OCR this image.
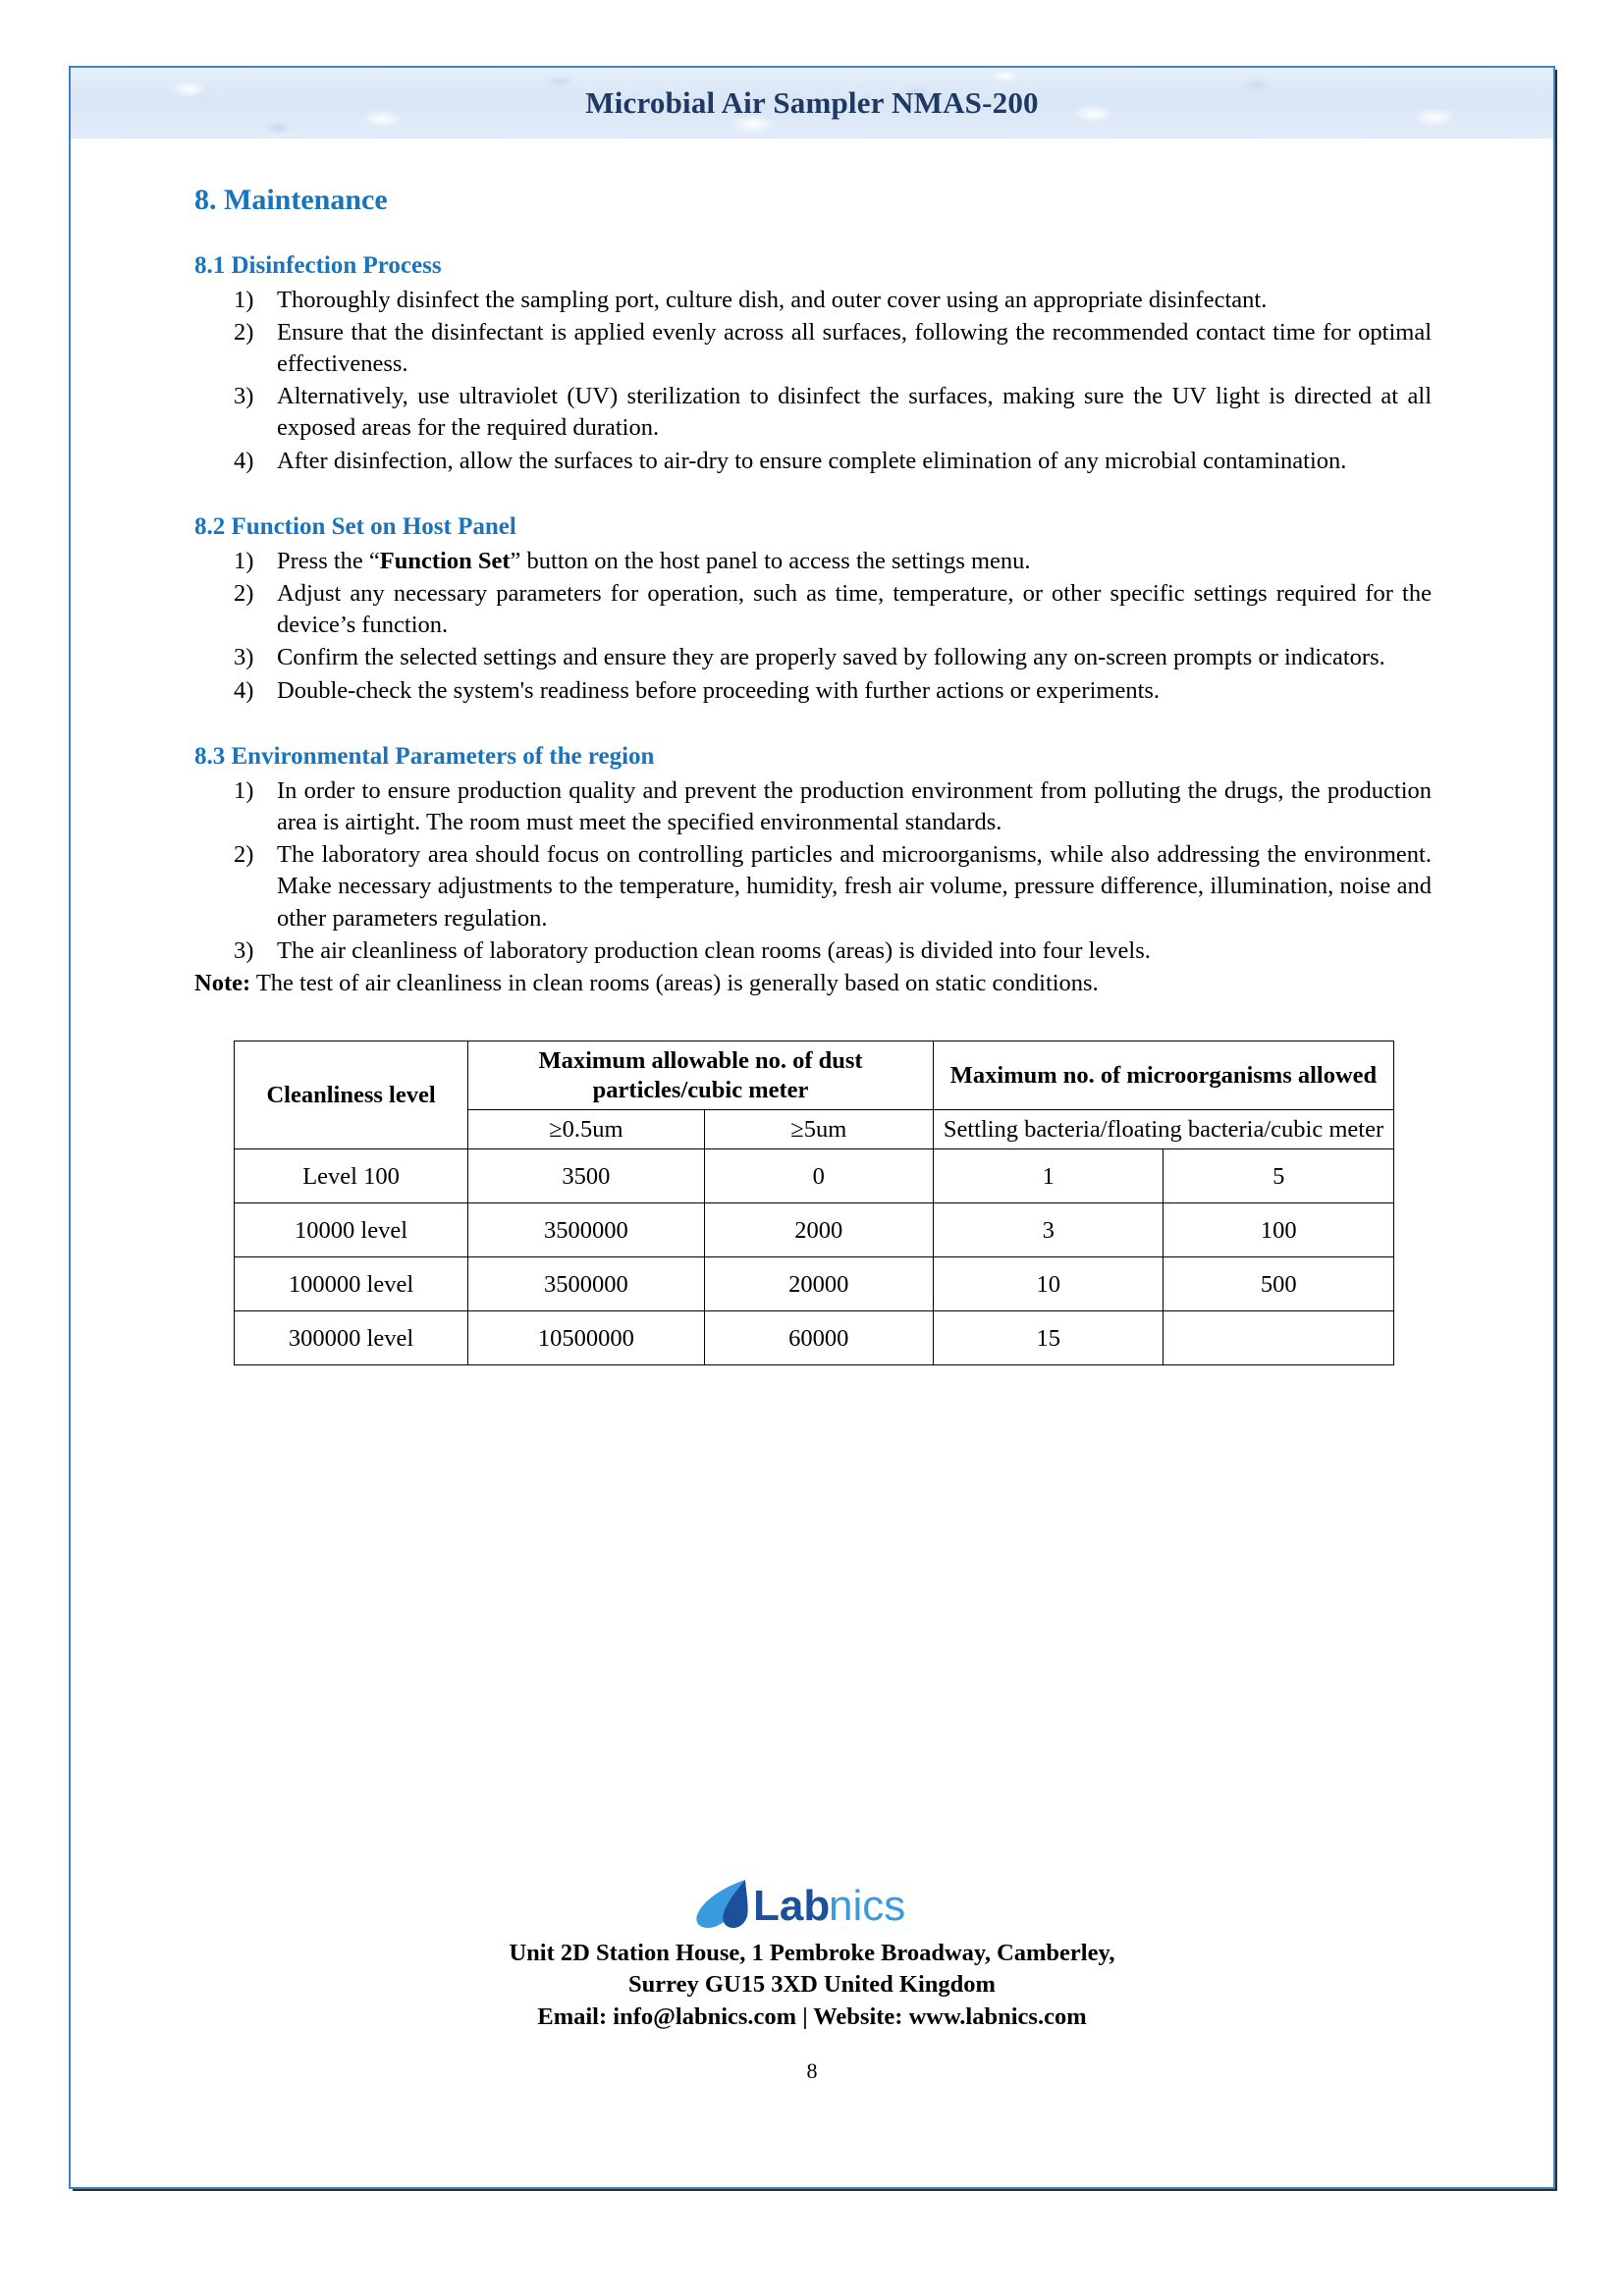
Microbial Air Sampler NMAS-200
8. Maintenance
8.1 Disinfection Process
1) Thoroughly disinfect the sampling port, culture dish, and outer cover using an appropriate disinfectant.
2) Ensure that the disinfectant is applied evenly across all surfaces, following the recommended contact time for optimal effectiveness.
3) Alternatively, use ultraviolet (UV) sterilization to disinfect the surfaces, making sure the UV light is directed at all exposed areas for the required duration.
4) After disinfection, allow the surfaces to air-dry to ensure complete elimination of any microbial contamination.
8.2 Function Set on Host Panel
1) Press the “Function Set” button on the host panel to access the settings menu.
2) Adjust any necessary parameters for operation, such as time, temperature, or other specific settings required for the device’s function.
3) Confirm the selected settings and ensure they are properly saved by following any on-screen prompts or indicators.
4) Double-check the system's readiness before proceeding with further actions or experiments.
8.3 Environmental Parameters of the region
1) In order to ensure production quality and prevent the production environment from polluting the drugs, the production area is airtight. The room must meet the specified environmental standards.
2) The laboratory area should focus on controlling particles and microorganisms, while also addressing the environment. Make necessary adjustments to the temperature, humidity, fresh air volume, pressure difference, illumination, noise and other parameters regulation.
3) The air cleanliness of laboratory production clean rooms (areas) is divided into four levels.

Note: The test of air cleanliness in clean rooms (areas) is generally based on static conditions.

Cleanliness level	Maximum allowable no. of dust particles/cubic meter		Maximum no. of microorganisms allowed	
	≥0.5um	≥5um	Settling bacteria/floating bacteria/cubic meter	
Level 100	3500	0	1	5
10000 level	3500000	2000	3	100
100000 level	3500000	20000	10	500
300000 level	10500000	60000	15	
Lab
nics
Unit 2D Station House, 1 Pembroke Broadway, Camberley,
Surrey GU15 3XD United Kingdom
Email: info@labnics.com | Website: www.labnics.com
8
